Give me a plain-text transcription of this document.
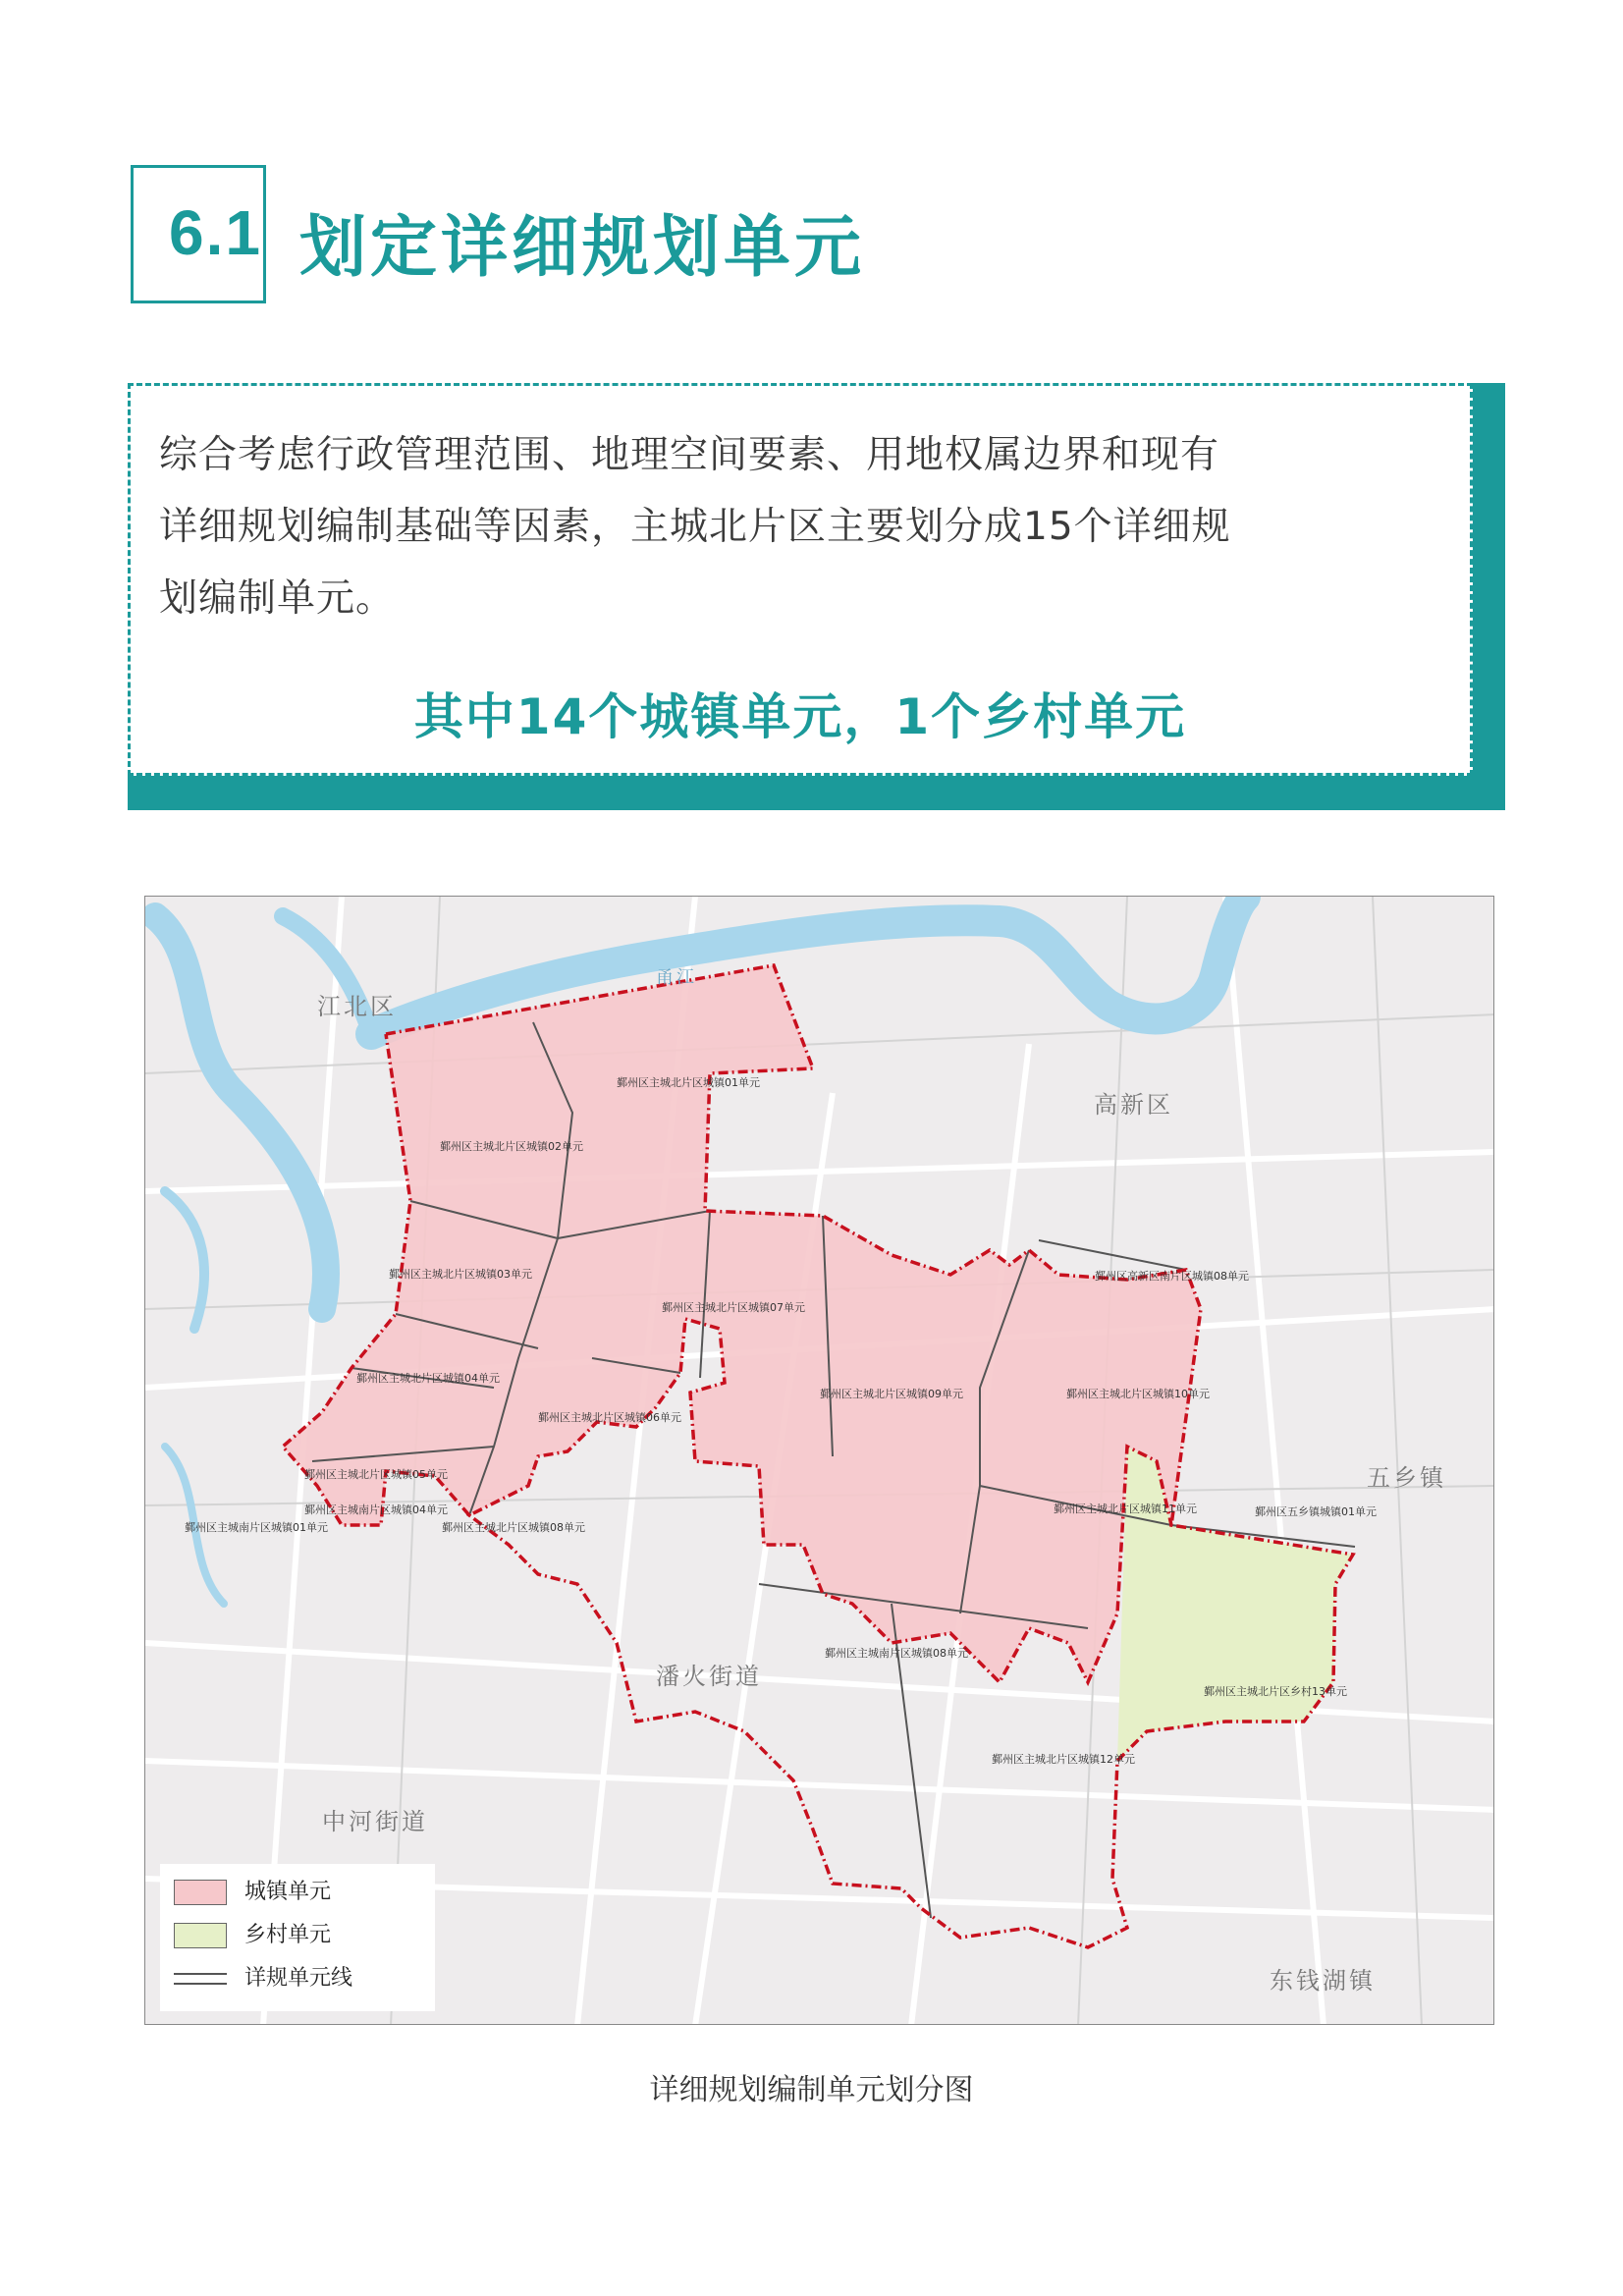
6.1 划定详细规划单元
综合考虑行政管理范围、地理空间要素、用地权属边界和现有
详细规划编制基础等因素，主城北片区主要划分成15个详细规
划编制单元。
其中14个城镇单元，1个乡村单元
江北区
高新区
五乡镇
潘火街道
中河街道
东钱湖镇
甬江
鄞州区主城北片区城镇01单元
鄞州区主城北片区城镇02单元
鄞州区主城北片区城镇03单元
鄞州区主城北片区城镇04单元
鄞州区主城北片区城镇05单元
鄞州区主城北片区城镇06单元
鄞州区主城北片区城镇07单元
鄞州区主城北片区城镇08单元
鄞州区主城北片区城镇09单元	鄞州区主城北片区城镇10单元
鄞州区主城北片区城镇11单元
鄞州区主城北片区城镇12单元
鄞州区主城北片区乡村13单元
鄞州区高新区南片区城镇08单元
鄞州区五乡镇城镇01单元
鄞州区主城南片区城镇08单元
鄞州区主城南片区城镇04单元
鄞州区主城南片区城镇01单元
城镇单元
乡村单元
详规单元线
详细规划编制单元划分图
